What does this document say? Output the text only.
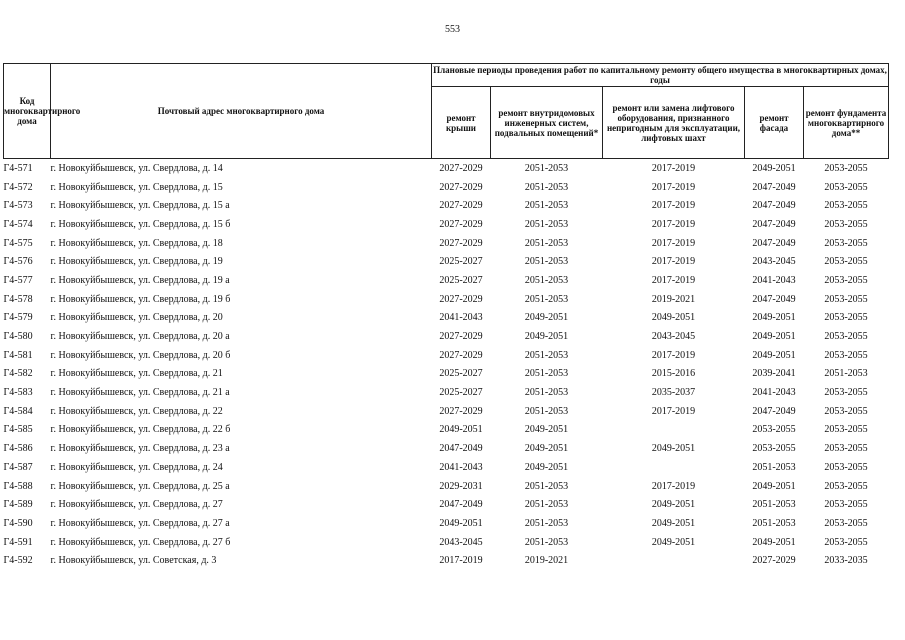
553
Код многоквартирного дома	Почтовый адрес многоквартирного дома	Плановые периоды проведения работ по капитальному ремонту общего имущества в многоквартирных домах, годы				
		ремонт крыши	ремонт внутридомовых инженерных систем, подвальных помещений*	ремонт или замена лифтового оборудования, признанного непригодным для эксплуатации, лифтовых шахт	ремонт фасада	ремонт фундамента многоквартирного дома**
Г4-571	г. Новокуйбышевск, ул. Свердлова, д. 14	2027-2029	2051-2053	2017-2019	2049-2051	2053-2055
Г4-572	г. Новокуйбышевск, ул. Свердлова, д. 15	2027-2029	2051-2053	2017-2019	2047-2049	2053-2055
Г4-573	г. Новокуйбышевск, ул. Свердлова, д. 15 а	2027-2029	2051-2053	2017-2019	2047-2049	2053-2055
Г4-574	г. Новокуйбышевск, ул. Свердлова, д. 15 б	2027-2029	2051-2053	2017-2019	2047-2049	2053-2055
Г4-575	г. Новокуйбышевск, ул. Свердлова, д. 18	2027-2029	2051-2053	2017-2019	2047-2049	2053-2055
Г4-576	г. Новокуйбышевск, ул. Свердлова, д. 19	2025-2027	2051-2053	2017-2019	2043-2045	2053-2055
Г4-577	г. Новокуйбышевск, ул. Свердлова, д. 19 а	2025-2027	2051-2053	2017-2019	2041-2043	2053-2055
Г4-578	г. Новокуйбышевск, ул. Свердлова, д. 19 б	2027-2029	2051-2053	2019-2021	2047-2049	2053-2055
Г4-579	г. Новокуйбышевск, ул. Свердлова, д. 20	2041-2043	2049-2051	2049-2051	2049-2051	2053-2055
Г4-580	г. Новокуйбышевск, ул. Свердлова, д. 20 а	2027-2029	2049-2051	2043-2045	2049-2051	2053-2055
Г4-581	г. Новокуйбышевск, ул. Свердлова, д. 20 б	2027-2029	2051-2053	2017-2019	2049-2051	2053-2055
Г4-582	г. Новокуйбышевск, ул. Свердлова, д. 21	2025-2027	2051-2053	2015-2016	2039-2041	2051-2053
Г4-583	г. Новокуйбышевск, ул. Свердлова, д. 21 а	2025-2027	2051-2053	2035-2037	2041-2043	2053-2055
Г4-584	г. Новокуйбышевск, ул. Свердлова, д. 22	2027-2029	2051-2053	2017-2019	2047-2049	2053-2055
Г4-585	г. Новокуйбышевск, ул. Свердлова, д. 22 б	2049-2051	2049-2051		2053-2055	2053-2055
Г4-586	г. Новокуйбышевск, ул. Свердлова, д. 23 а	2047-2049	2049-2051	2049-2051	2053-2055	2053-2055
Г4-587	г. Новокуйбышевск, ул. Свердлова, д. 24	2041-2043	2049-2051		2051-2053	2053-2055
Г4-588	г. Новокуйбышевск, ул. Свердлова, д. 25 а	2029-2031	2051-2053	2017-2019	2049-2051	2053-2055
Г4-589	г. Новокуйбышевск, ул. Свердлова, д. 27	2047-2049	2051-2053	2049-2051	2051-2053	2053-2055
Г4-590	г. Новокуйбышевск, ул. Свердлова, д. 27 а	2049-2051	2051-2053	2049-2051	2051-2053	2053-2055
Г4-591	г. Новокуйбышевск, ул. Свердлова, д. 27 б	2043-2045	2051-2053	2049-2051	2049-2051	2053-2055
Г4-592	г. Новокуйбышевск, ул. Советская, д. 3	2017-2019	2019-2021		2027-2029	2033-2035
